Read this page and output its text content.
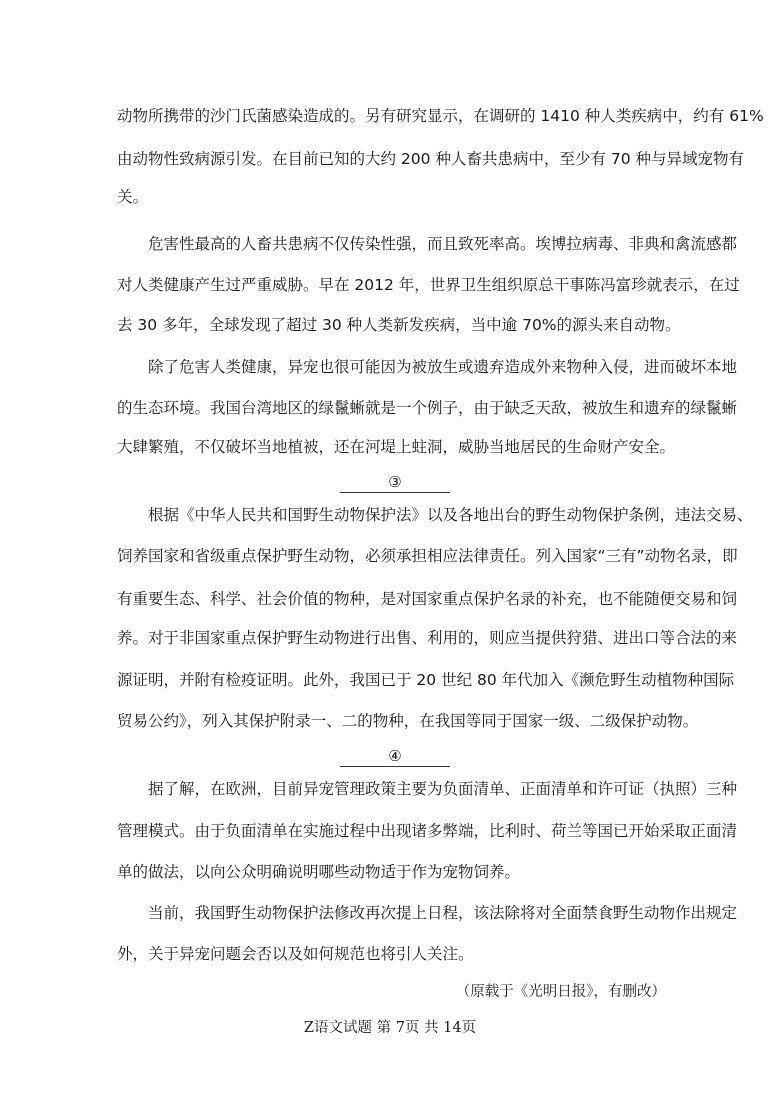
动物所携带的沙门氏菌感染造成的。另有研究显示，在调研的 1410 种人类疾病中，约有 61%
由动物性致病源引发。在目前已知的大约 200 种人畜共患病中，至少有 70 种与异域宠物有
关。
危害性最高的人畜共患病不仅传染性强，而且致死率高。埃博拉病毒、非典和禽流感都
对人类健康产生过严重威胁。早在 2012 年，世界卫生组织原总干事陈冯富珍就表示，在过
去 30 多年，全球发现了超过 30 种人类新发疾病，当中逾 70%的源头来自动物。
除了危害人类健康，异宠也很可能因为被放生或遗弃造成外来物种入侵，进而破坏本地
的生态环境。我国台湾地区的绿鬣蜥就是一个例子，由于缺乏天敌，被放生和遗弃的绿鬣蜥
大肆繁殖，不仅破坏当地植被，还在河堤上蛀洞，威胁当地居民的生命财产安全。
③
根据《中华人民共和国野生动物保护法》以及各地出台的野生动物保护条例，违法交易、
饲养国家和省级重点保护野生动物，必须承担相应法律责任。列入国家“三有”动物名录，即
有重要生态、科学、社会价值的物种，是对国家重点保护名录的补充，也不能随便交易和饲
养。对于非国家重点保护野生动物进行出售、利用的，则应当提供狩猎、进出口等合法的来
源证明，并附有检疫证明。此外，我国已于 20 世纪 80 年代加入《濒危野生动植物种国际
贸易公约》，列入其保护附录一、二的物种，在我国等同于国家一级、二级保护动物。
④
据了解，在欧洲，目前异宠管理政策主要为负面清单、正面清单和许可证（执照）三种
管理模式。由于负面清单在实施过程中出现诸多弊端，比利时、荷兰等国已开始采取正面清
单的做法，以向公众明确说明哪些动物适于作为宠物饲养。
当前，我国野生动物保护法修改再次提上日程，该法除将对全面禁食野生动物作出规定
外，关于异宠问题会否以及如何规范也将引人关注。
（原载于《光明日报》，有删改）
Z语文试题 第 7页 共 14页
